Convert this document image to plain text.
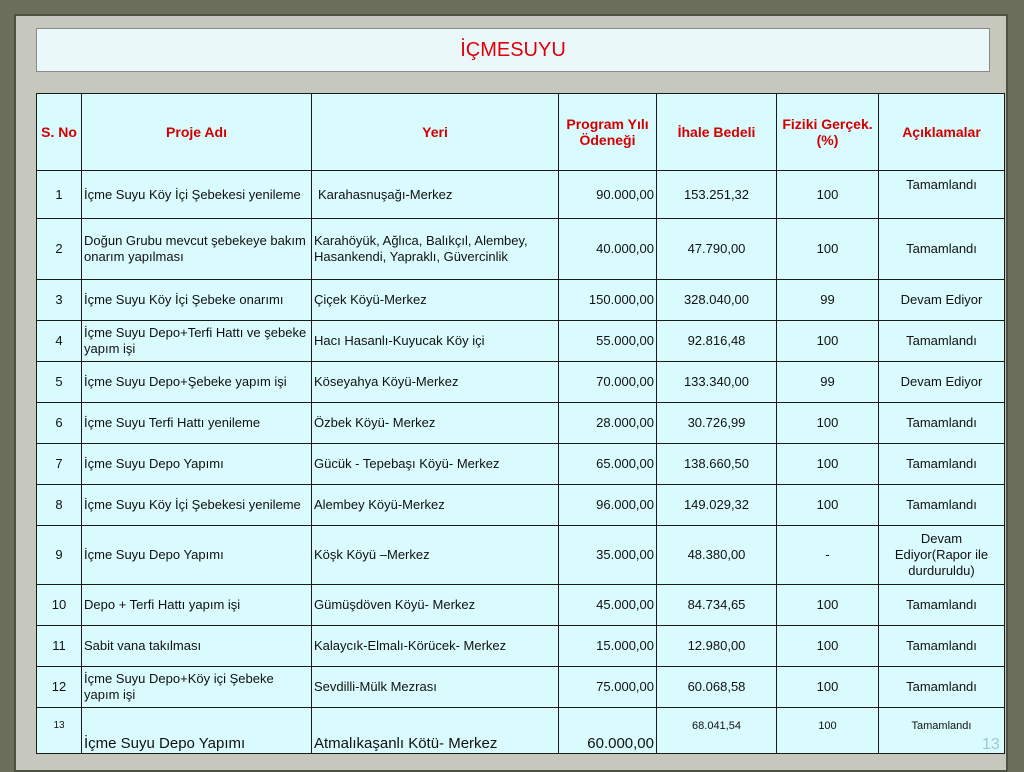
İÇMESUYU
S. No	Proje Adı	Yeri	Program Yılı Ödeneği	İhale Bedeli	Fiziki Gerçek. (%)	Açıklamalar
1	İçme Suyu Köy İçi Şebekesi yenileme	Karahasnuşağı-Merkez	90.000,00	153.251,32	100	Tamamlandı
2	Doğun Grubu mevcut şebekeye bakım onarım yapılması	Karahöyük, Ağlıca, Balıkçıl, Alembey, Hasankendi, Yapraklı, Güvercinlik	40.000,00	47.790,00	100	Tamamlandı
3	İçme Suyu Köy İçi Şebeke onarımı	Çiçek Köyü-Merkez	150.000,00	328.040,00	99	Devam Ediyor
4	İçme Suyu Depo+Terfi Hattı ve şebeke yapım işi	Hacı Hasanlı-Kuyucak Köy içi	55.000,00	92.816,48	100	Tamamlandı
5	İçme Suyu Depo+Şebeke yapım işi	Köseyahya Köyü-Merkez	70.000,00	133.340,00	99	Devam Ediyor
6	İçme Suyu Terfi Hattı yenileme	Özbek Köyü- Merkez	28.000,00	30.726,99	100	Tamamlandı
7	İçme Suyu Depo Yapımı	Gücük - Tepebaşı Köyü- Merkez	65.000,00	138.660,50	100	Tamamlandı
8	İçme Suyu Köy İçi Şebekesi yenileme	Alembey Köyü-Merkez	96.000,00	149.029,32	100	Tamamlandı
9	İçme Suyu Depo Yapımı	Köşk Köyü –Merkez	35.000,00	48.380,00	-	Devam Ediyor(Rapor ile durduruldu)
10	Depo + Terfi Hattı yapım işi	Gümüşdöven Köyü- Merkez	45.000,00	84.734,65	100	Tamamlandı
11	Sabit vana takılması	Kalaycık-Elmalı-Körücek- Merkez	15.000,00	12.980,00	100	Tamamlandı
12	İçme Suyu Depo+Köy içi Şebeke yapım işi	Sevdilli-Mülk Mezrası	75.000,00	60.068,58	100	Tamamlandı
13	İçme Suyu Depo Yapımı	Atmalıkaşanlı Kötü- Merkez	60.000,00	68.041,54	100	Tamamlandı
13
